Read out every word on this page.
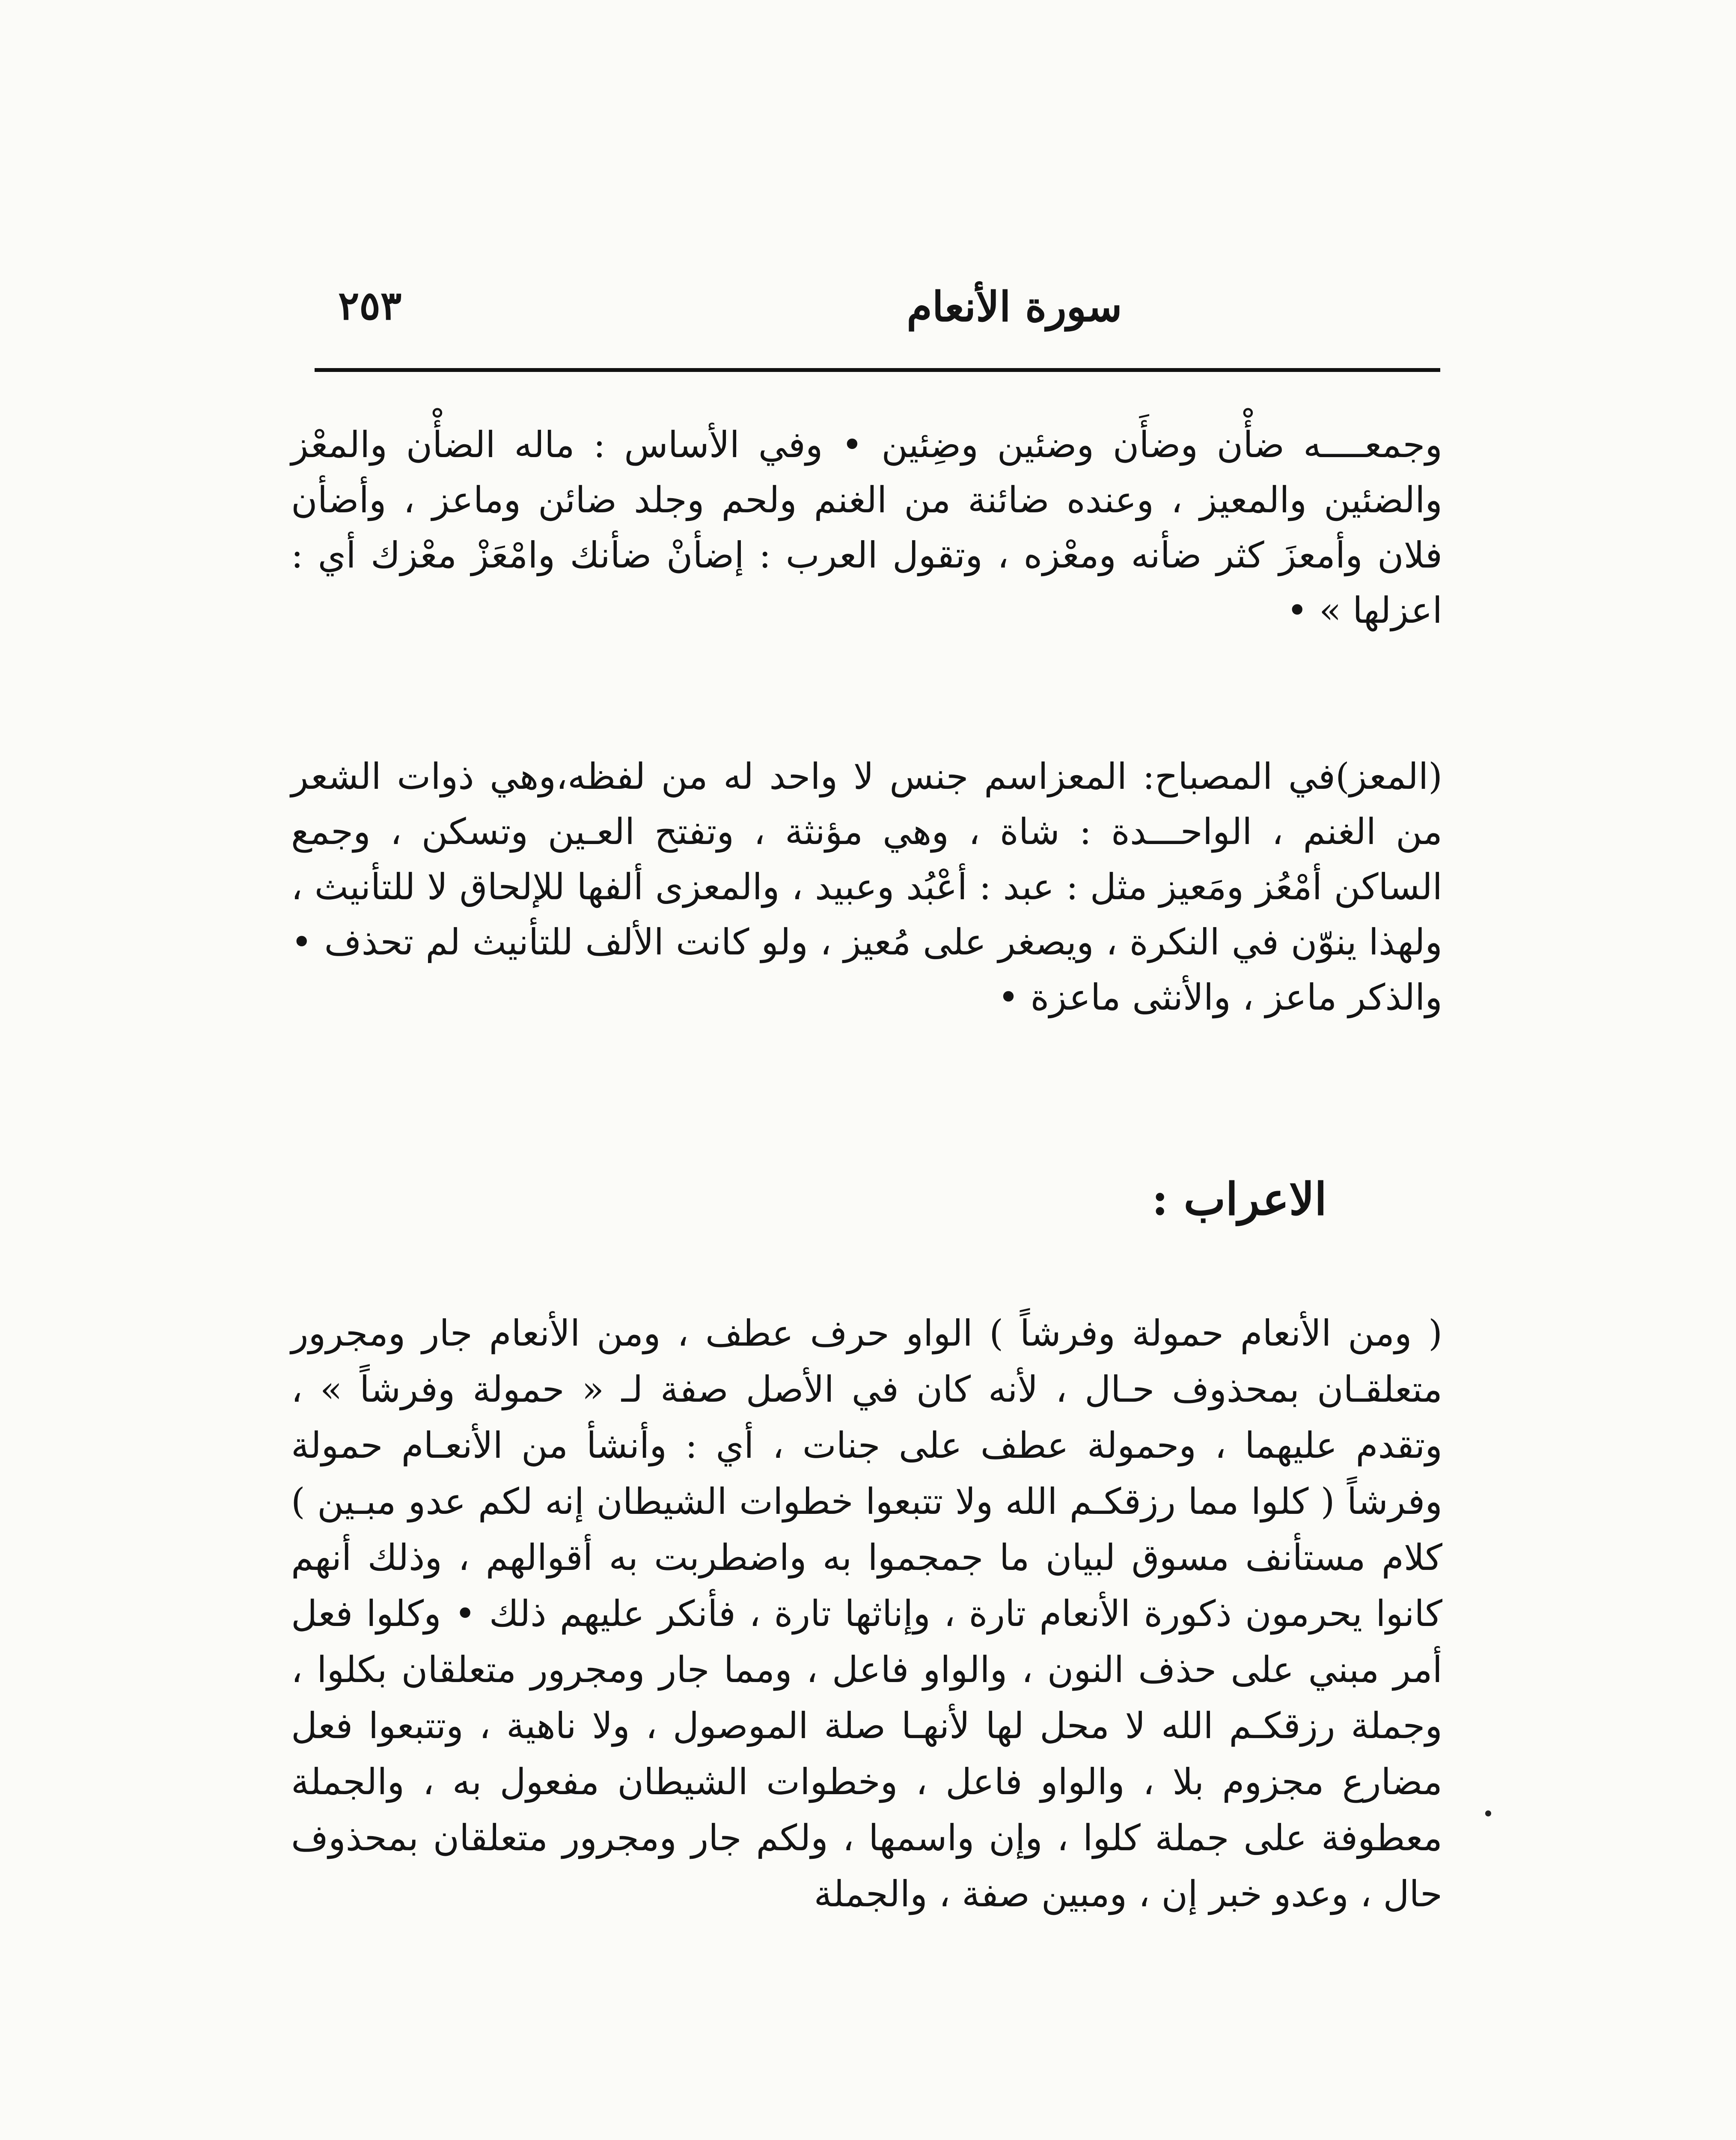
٢٥٣	سورة الأنعام
وجمعــــه ضأْن وضأَن وضئين وضِئين • وفي الأساس : ماله الضأْن والمعْز والضئين والمعيز ، وعنده ضائنة من الغنم ولحم وجلد ضائن وماعز ، وأضأن فلان وأمعزَ كثر ضأنه ومعْزه ، وتقول العرب : إضأنْ ضأنك وامْعَزْ معْزك أي : اعزلها » •
(المعز)في المصباح: المعزاسم جنس لا واحد له من لفظه،وهي ذوات الشعر من الغنم ، الواحـــدة : شاة ، وهي مؤنثة ، وتفتح العـين وتسكن ، وجمع الساكن أمْعُز ومَعيز مثل : عبد : أعْبُد وعبيد ، والمعزى ألفها للإلحاق لا للتأنيث ، ولهذا ينوّن في النكرة ، ويصغر على مُعيز ، ولو كانت الألف للتأنيث لم تحذف • والذكر ماعز ، والأنثى ماعزة •
الاعراب :
( ومن الأنعام حمولة وفرشاً ) الواو حرف عطف ، ومن الأنعام جار ومجرور متعلقـان بمحذوف حـال ، لأنه كان في الأصل صفة لـ « حمولة وفرشاً » ، وتقدم عليهما ، وحمولة عطف على جنات ، أي : وأنشأ من الأنعـام حمولة وفرشاً ( كلوا مما رزقكـم الله ولا تتبعوا خطوات الشيطان إنه لكم عدو مبـين ) كلام مستأنف مسوق لبيان ما جمجموا به واضطربت به أقوالهم ، وذلك أنهم كانوا يحرمون ذكورة الأنعام تارة ، وإناثها تارة ، فأنكر عليهم ذلك • وكلوا فعل أمر مبني على حذف النون ، والواو فاعل ، ومما جار ومجرور متعلقان بكلوا ، وجملة رزقكـم الله لا محل لها لأنهـا صلة الموصول ، ولا ناهية ، وتتبعوا فعل مضارع مجزوم بلا ، والواو فاعل ، وخطوات الشيطان مفعول به ، والجملة معطوفة على جملة كلوا ، وإن واسمها ، ولكم جار ومجرور متعلقان بمحذوف حال ، وعدو خبر إن ، ومبين صفة ، والجملة
